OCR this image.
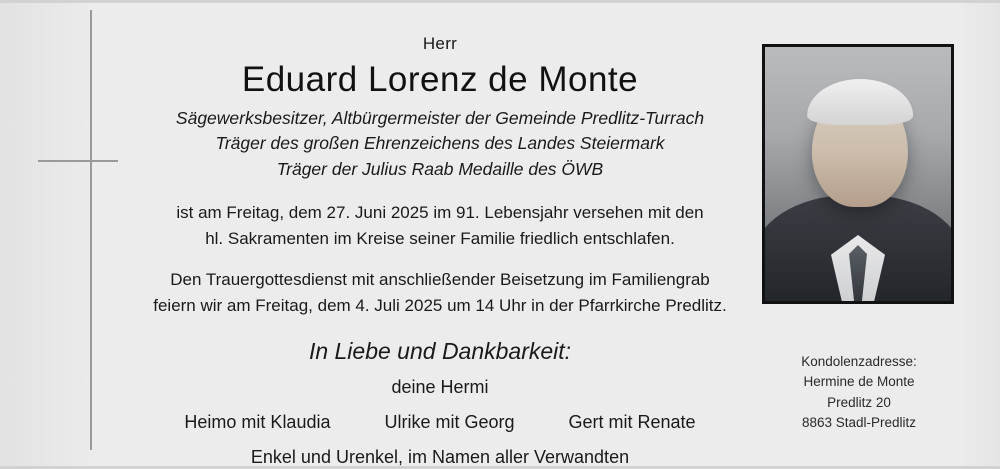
Herr
Eduard Lorenz de Monte
Sägewerksbesitzer, Altbürgermeister der Gemeinde Predlitz-Turrach
Träger des großen Ehrenzeichens des Landes Steiermark
Träger der Julius Raab Medaille des ÖWB
ist am Freitag, dem 27. Juni 2025 im 91. Lebensjahr versehen mit den
hl. Sakramenten im Kreise seiner Familie friedlich entschlafen.
Den Trauergottesdienst mit anschließender Beisetzung im Familiengrab
feiern wir am Freitag, dem 4. Juli 2025 um 14 Uhr in der Pfarrkirche Predlitz.
In Liebe und Dankbarkeit:
deine Hermi
Heimo mit Klaudia	Ulrike mit Georg	Gert mit Renate
Enkel und Urenkel, im Namen aller Verwandten
Kondolenzadresse:
Hermine de Monte
Predlitz 20
8863 Stadl-Predlitz
